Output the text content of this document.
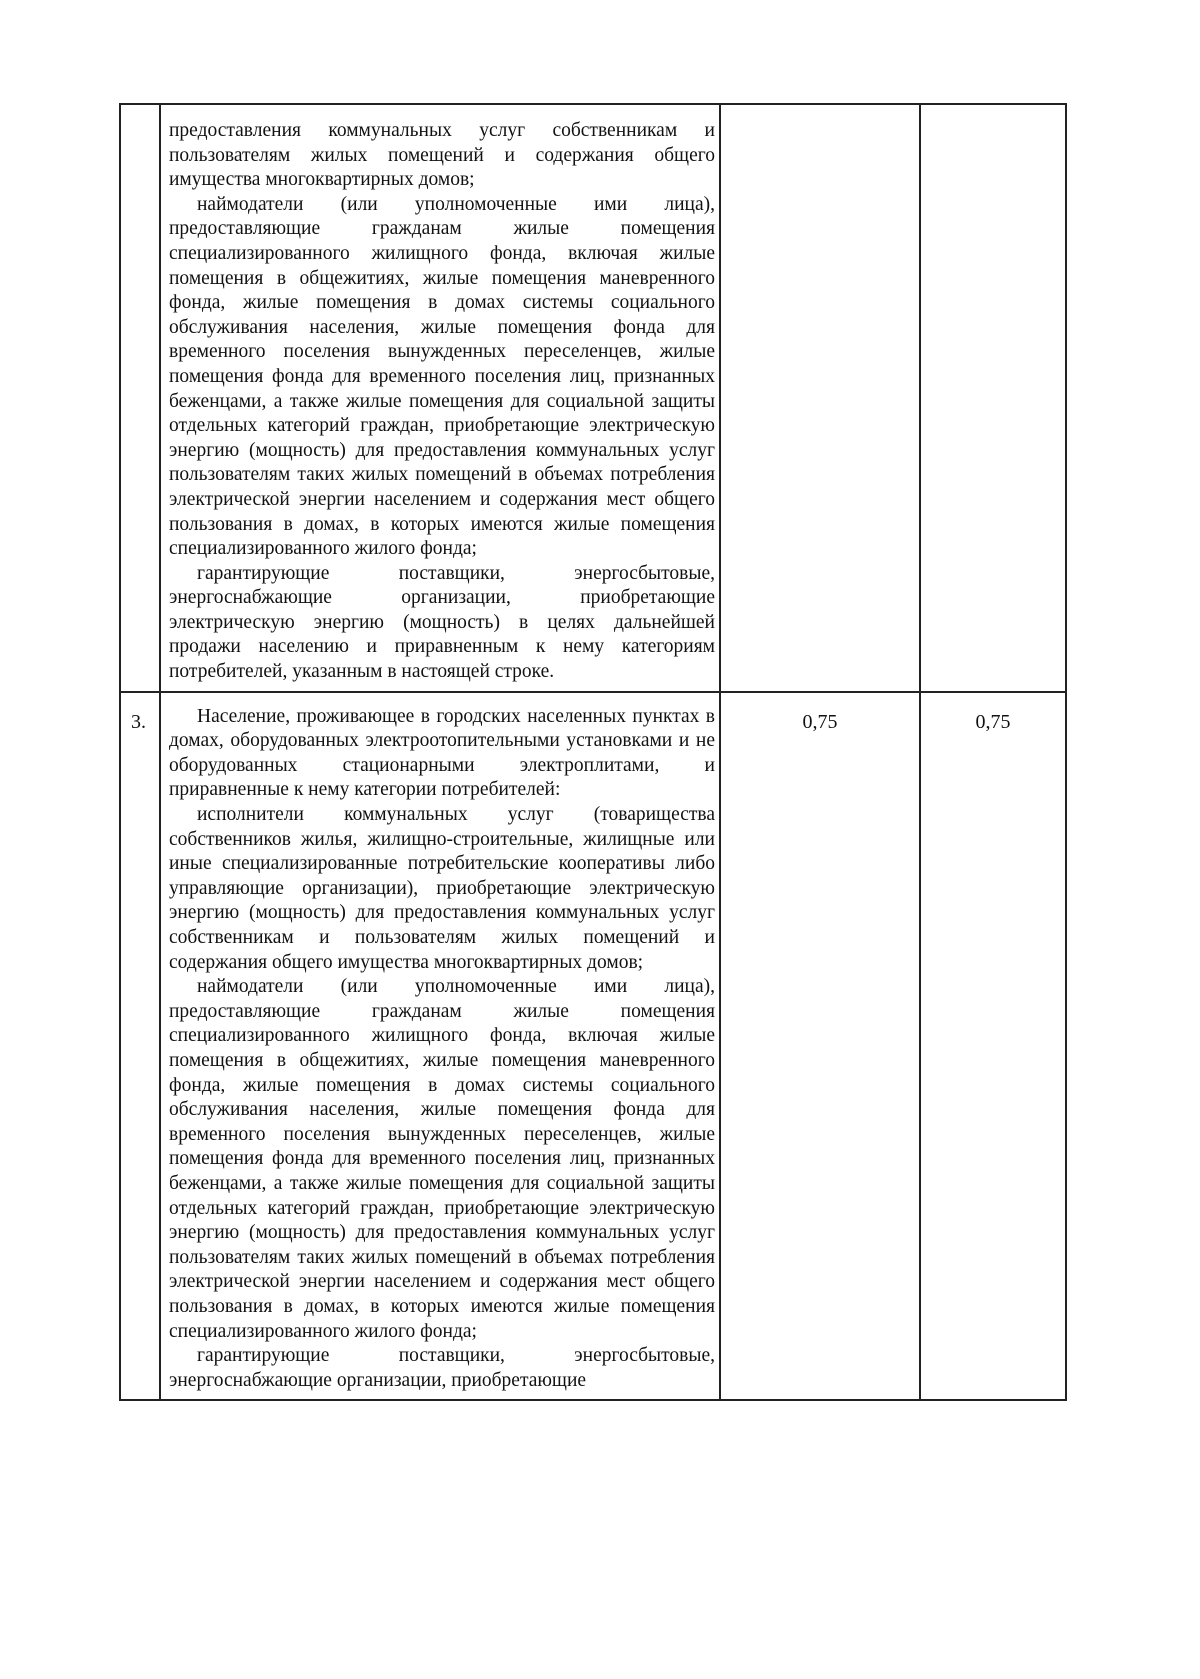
	предоставления коммунальных услуг собственникам и пользователям жилых помещений и содержания общего имущества многоквартирных домов;

наймодатели (или уполномоченные ими лица), предоставляющие гражданам жилые помещения специализированного жилищного фонда, включая жилые помещения в общежитиях, жилые помещения маневренного фонда, жилые помещения в домах системы социального обслуживания населения, жилые помещения фонда для временного поселения вынужденных переселенцев, жилые помещения фонда для временного поселения лиц, признанных беженцами, а также жилые помещения для социальной защиты отдельных категорий граждан, приобретающие электрическую энергию (мощность) для предоставления коммунальных услуг пользователям таких жилых помещений в объемах потребления электрической энергии населением и содержания мест общего пользования в домах, в которых имеются жилые помещения специализированного жилого фонда;

гарантирующие поставщики, энергосбытовые, энергоснабжающие организации, приобретающие электрическую энергию (мощность) в целях дальнейшей продажи населению и приравненным к нему категориям потребителей, указанным в настоящей строке.		

3.	Население, проживающее в городских населенных пунктах в домах, оборудованных электроотопительными установками и не оборудованных стационарными электроплитами, и приравненные к нему категории потребителей:

исполнители коммунальных услуг (товарищества собственников жилья, жилищно-строительные, жилищные или иные специализированные потребительские кооперативы либо управляющие организации), приобретающие электрическую энергию (мощность) для предоставления коммунальных услуг собственникам и пользователям жилых помещений и содержания общего имущества многоквартирных домов;

наймодатели (или уполномоченные ими лица), предоставляющие гражданам жилые помещения специализированного жилищного фонда, включая жилые помещения в общежитиях, жилые помещения маневренного фонда, жилые помещения в домах системы социального обслуживания населения, жилые помещения фонда для временного поселения вынужденных переселенцев, жилые помещения фонда для временного поселения лиц, признанных беженцами, а также жилые помещения для социальной защиты отдельных категорий граждан, приобретающие электрическую энергию (мощность) для предоставления коммунальных услуг пользователям таких жилых помещений в объемах потребления электрической энергии населением и содержания мест общего пользования в домах, в которых имеются жилые помещения специализированного жилого фонда;

гарантирующие поставщики, энергосбытовые, энергоснабжающие организации, приобретающие	0,75	0,75
